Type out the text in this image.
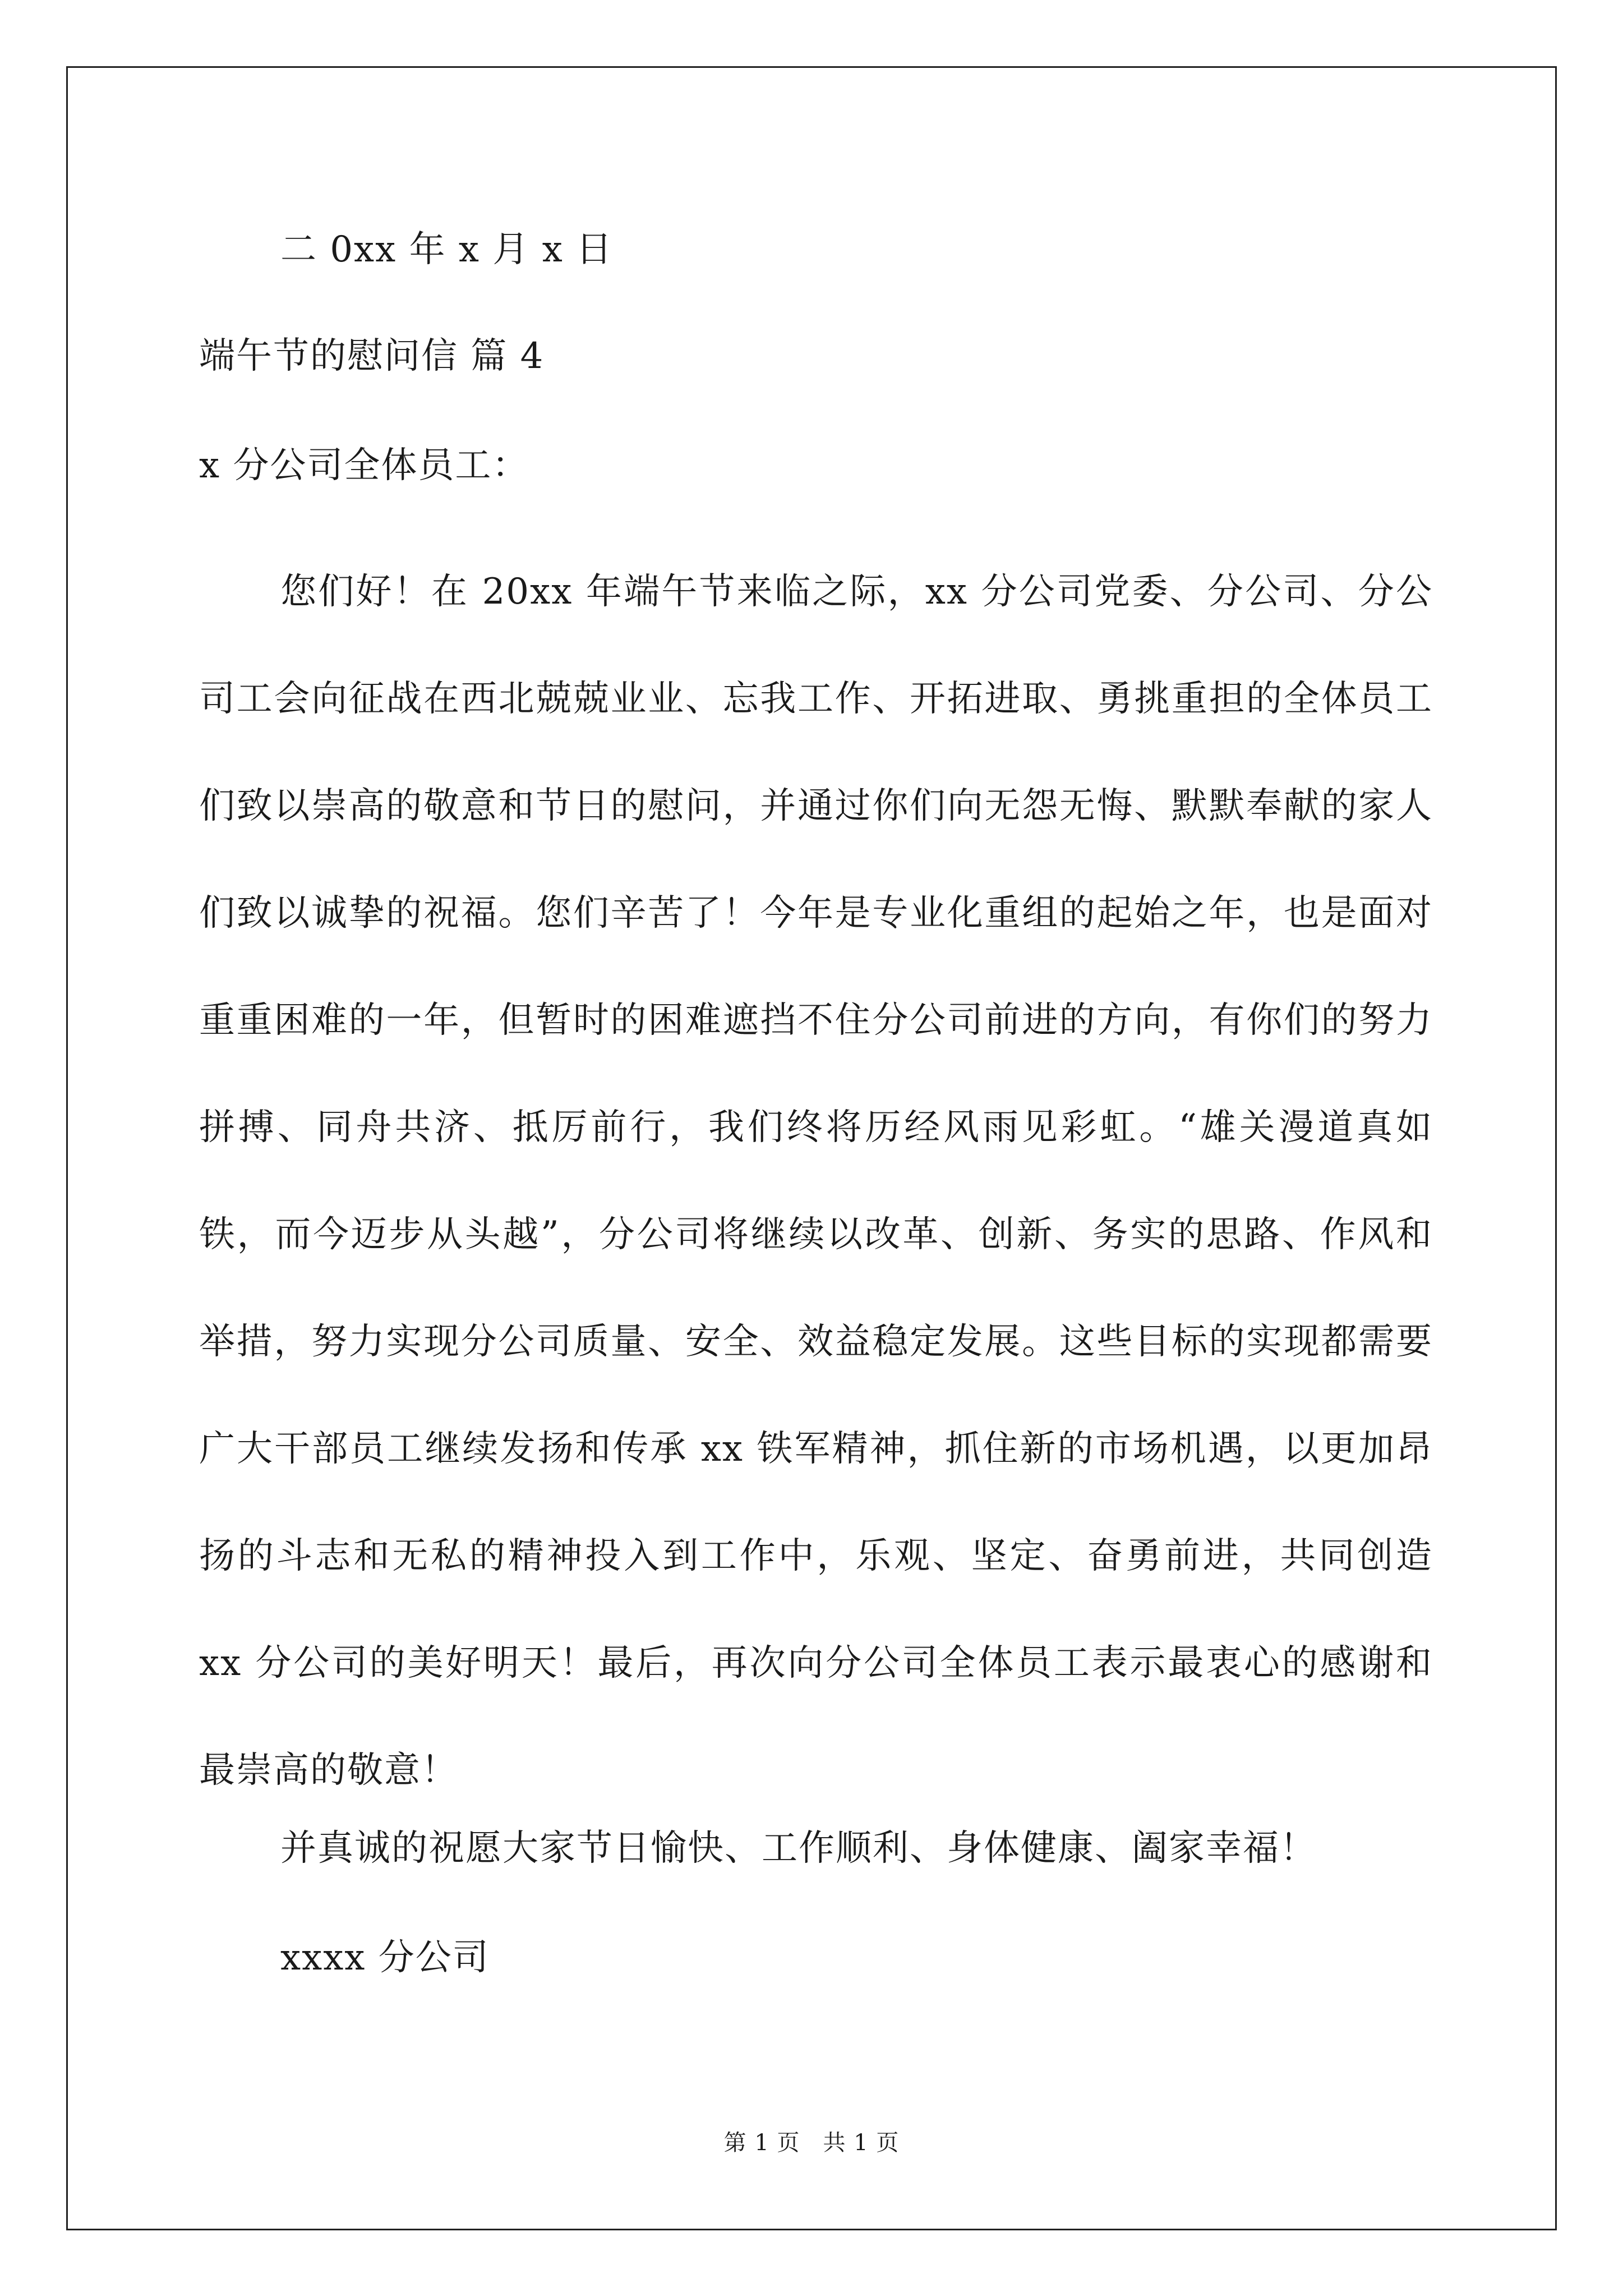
二 0xx 年 x 月 x 日
端午节的慰问信 篇 4
x 分公司全体员工：
您们好！在 20xx 年端午节来临之际，xx 分公司党委、分公司、分公司工会向征战在西北兢兢业业、忘我工作、开拓进取、勇挑重担的全体员工们致以崇高的敬意和节日的慰问，并通过你们向无怨无悔、默默奉献的家人们致以诚挚的祝福。您们辛苦了！今年是专业化重组的起始之年，也是面对重重困难的一年，但暂时的困难遮挡不住分公司前进的方向，有你们的努力拼搏、同舟共济、抵厉前行，我们终将历经风雨见彩虹。“雄关漫道真如铁，而今迈步从头越”，分公司将继续以改革、创新、务实的思路、作风和举措，努力实现分公司质量、安全、效益稳定发展。这些目标的实现都需要广大干部员工继续发扬和传承 xx 铁军精神，抓住新的市场机遇，以更加昂扬的斗志和无私的精神投入到工作中，乐观、坚定、奋勇前进，共同创造 xx 分公司的美好明天！最后，再次向分公司全体员工表示最衷心的感谢和最崇高的敬意！
并真诚的祝愿大家节日愉快、工作顺利、身体健康、阖家幸福！
xxxx 分公司
第 1 页　共 1 页
